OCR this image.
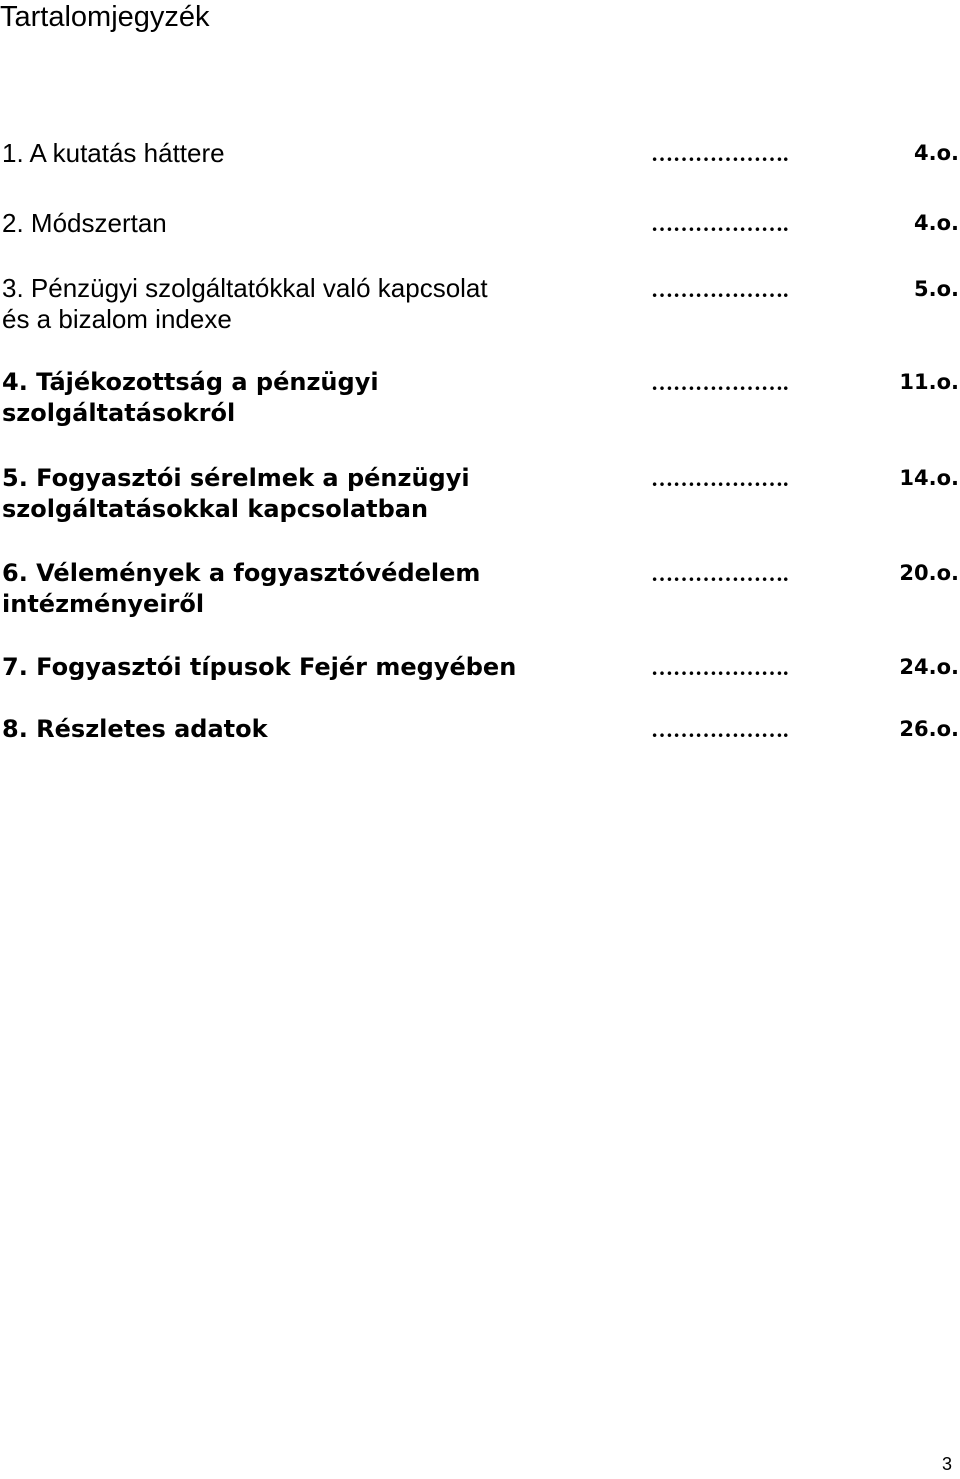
Tartalomjegyzék
1. A kutatás háttere	……………….	4.o.
2. Módszertan	……………….	4.o.
3. Pénzügyi szolgáltatókkal való kapcsolat
és a bizalom indexe
……………….	5.o.
4. Tájékozottság a pénzügyi
szolgáltatásokról
……………….	11.o.
5. Fogyasztói sérelmek a pénzügyi
szolgáltatásokkal kapcsolatban
……………….	14.o.
6. Vélemények a fogyasztóvédelem
intézményeiről
……………….	20.o.
7. Fogyasztói típusok Fejér megyében	……………….	24.o.
8. Részletes adatok	……………….	26.o.
3
